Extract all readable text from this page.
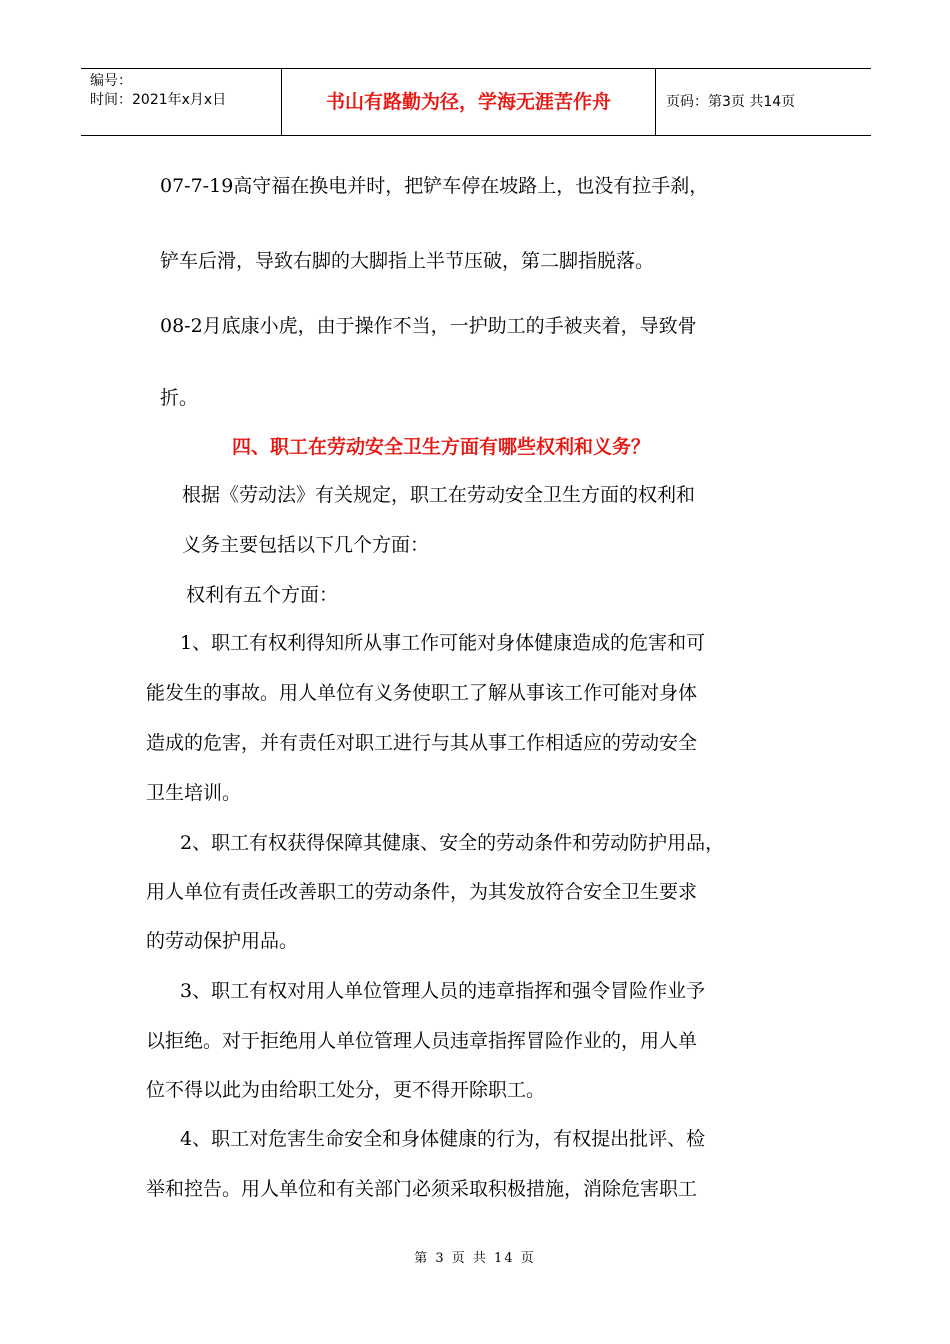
编号：
时间：2021年x月x日	书山有路勤为径，学海无涯苦作舟	页码：第3页 共14页
07-7-19高守福在换电并时，把铲车停在坡路上，也没有拉手刹，
铲车后滑，导致右脚的大脚指上半节压破，第二脚指脱落。
08-2月底康小虎，由于操作不当，一护助工的手被夹着，导致骨
折。
四、职工在劳动安全卫生方面有哪些权利和义务？
根据《劳动法》有关规定，职工在劳动安全卫生方面的权利和
义务主要包括以下几个方面：
权利有五个方面：
1、职工有权利得知所从事工作可能对身体健康造成的危害和可
能发生的事故。用人单位有义务使职工了解从事该工作可能对身体
造成的危害，并有责任对职工进行与其从事工作相适应的劳动安全
卫生培训。
2、职工有权获得保障其健康、安全的劳动条件和劳动防护用品，
用人单位有责任改善职工的劳动条件，为其发放符合安全卫生要求
的劳动保护用品。
3、职工有权对用人单位管理人员的违章指挥和强令冒险作业予
以拒绝。对于拒绝用人单位管理人员违章指挥冒险作业的，用人单
位不得以此为由给职工处分，更不得开除职工。
4、职工对危害生命安全和身体健康的行为，有权提出批评、检
举和控告。用人单位和有关部门必须采取积极措施，消除危害职工
第 3 页 共 14 页
